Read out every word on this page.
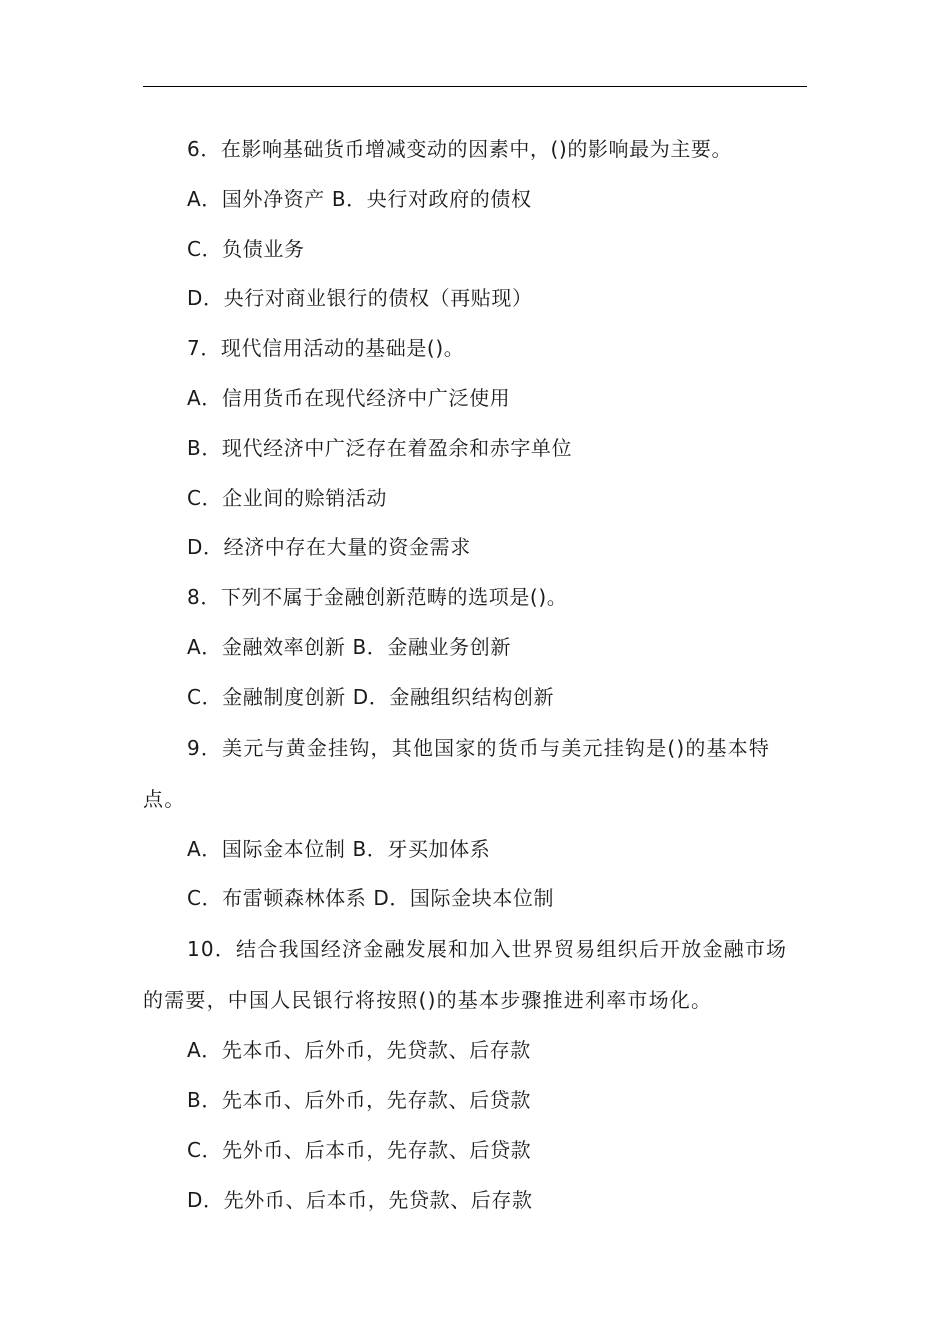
6．在影响基础货币增减变动的因素中，()的影响最为主要。
A．国外净资产 B．央行对政府的债权
C．负债业务
D．央行对商业银行的债权（再贴现）
7．现代信用活动的基础是()。
A．信用货币在现代经济中广泛使用
B．现代经济中广泛存在着盈余和赤字单位
C．企业间的赊销活动
D．经济中存在大量的资金需求
8．下列不属于金融创新范畴的选项是()。
A．金融效率创新 B．金融业务创新
C．金融制度创新 D．金融组织结构创新
9．美元与黄金挂钩，其他国家的货币与美元挂钩是()的基本特点。
A．国际金本位制 B．牙买加体系
C．布雷顿森林体系 D．国际金块本位制
10．结合我国经济金融发展和加入世界贸易组织后开放金融市场的需要，中国人民银行将按照()的基本步骤推进利率市场化。
A．先本币、后外币，先贷款、后存款
B．先本币、后外币，先存款、后贷款
C．先外币、后本币，先存款、后贷款
D．先外币、后本币，先贷款、后存款
